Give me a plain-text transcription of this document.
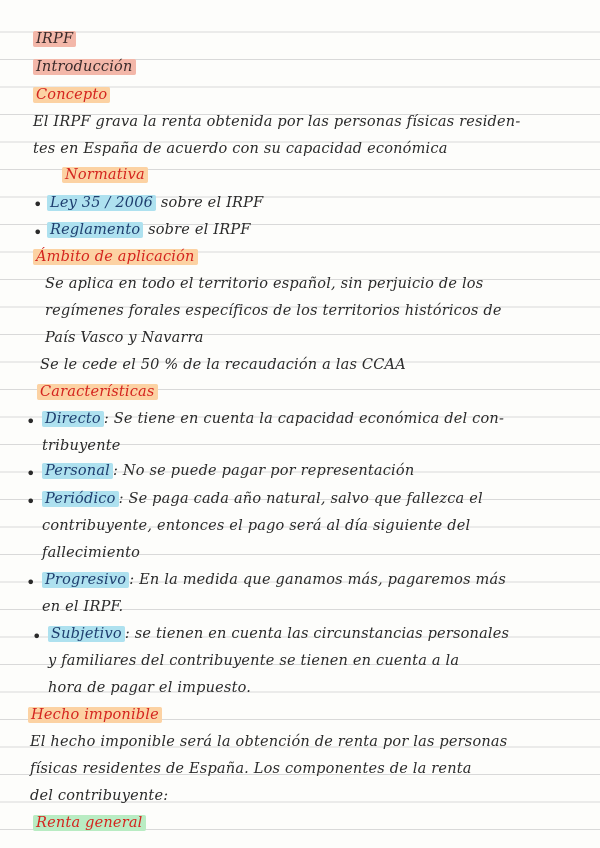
IRPF
Introducción
Concepto
El IRPF grava la renta obtenida por las personas físicas residen-
tes en España de acuerdo con su capacidad económica
Normativa
• Ley 35 / 2006 sobre el IRPF
• Reglamento sobre el IRPF
Ámbito de aplicación
Se aplica en todo el territorio español, sin perjuicio de los
regímenes forales específicos de los territorios históricos de
País Vasco y Navarra
Se le cede el 50 % de la recaudación a las CCAA
Características
• Directo : Se tiene en cuenta la capacidad económica del con-
tribuyente
• Personal : No se puede pagar por representación
• Periódico : Se paga cada año natural, salvo que fallezca el
contribuyente, entonces el pago será al día siguiente del
fallecimiento
• Progresivo : En la medida que ganamos más, pagaremos más
en el IRPF.
• Subjetivo : se tienen en cuenta las circunstancias personales
y familiares del contribuyente se tienen en cuenta a la
hora de pagar el impuesto.
Hecho imponible
El hecho imponible será la obtención de renta por las personas
físicas residentes de España. Los componentes de la renta
del contribuyente:
Renta general
